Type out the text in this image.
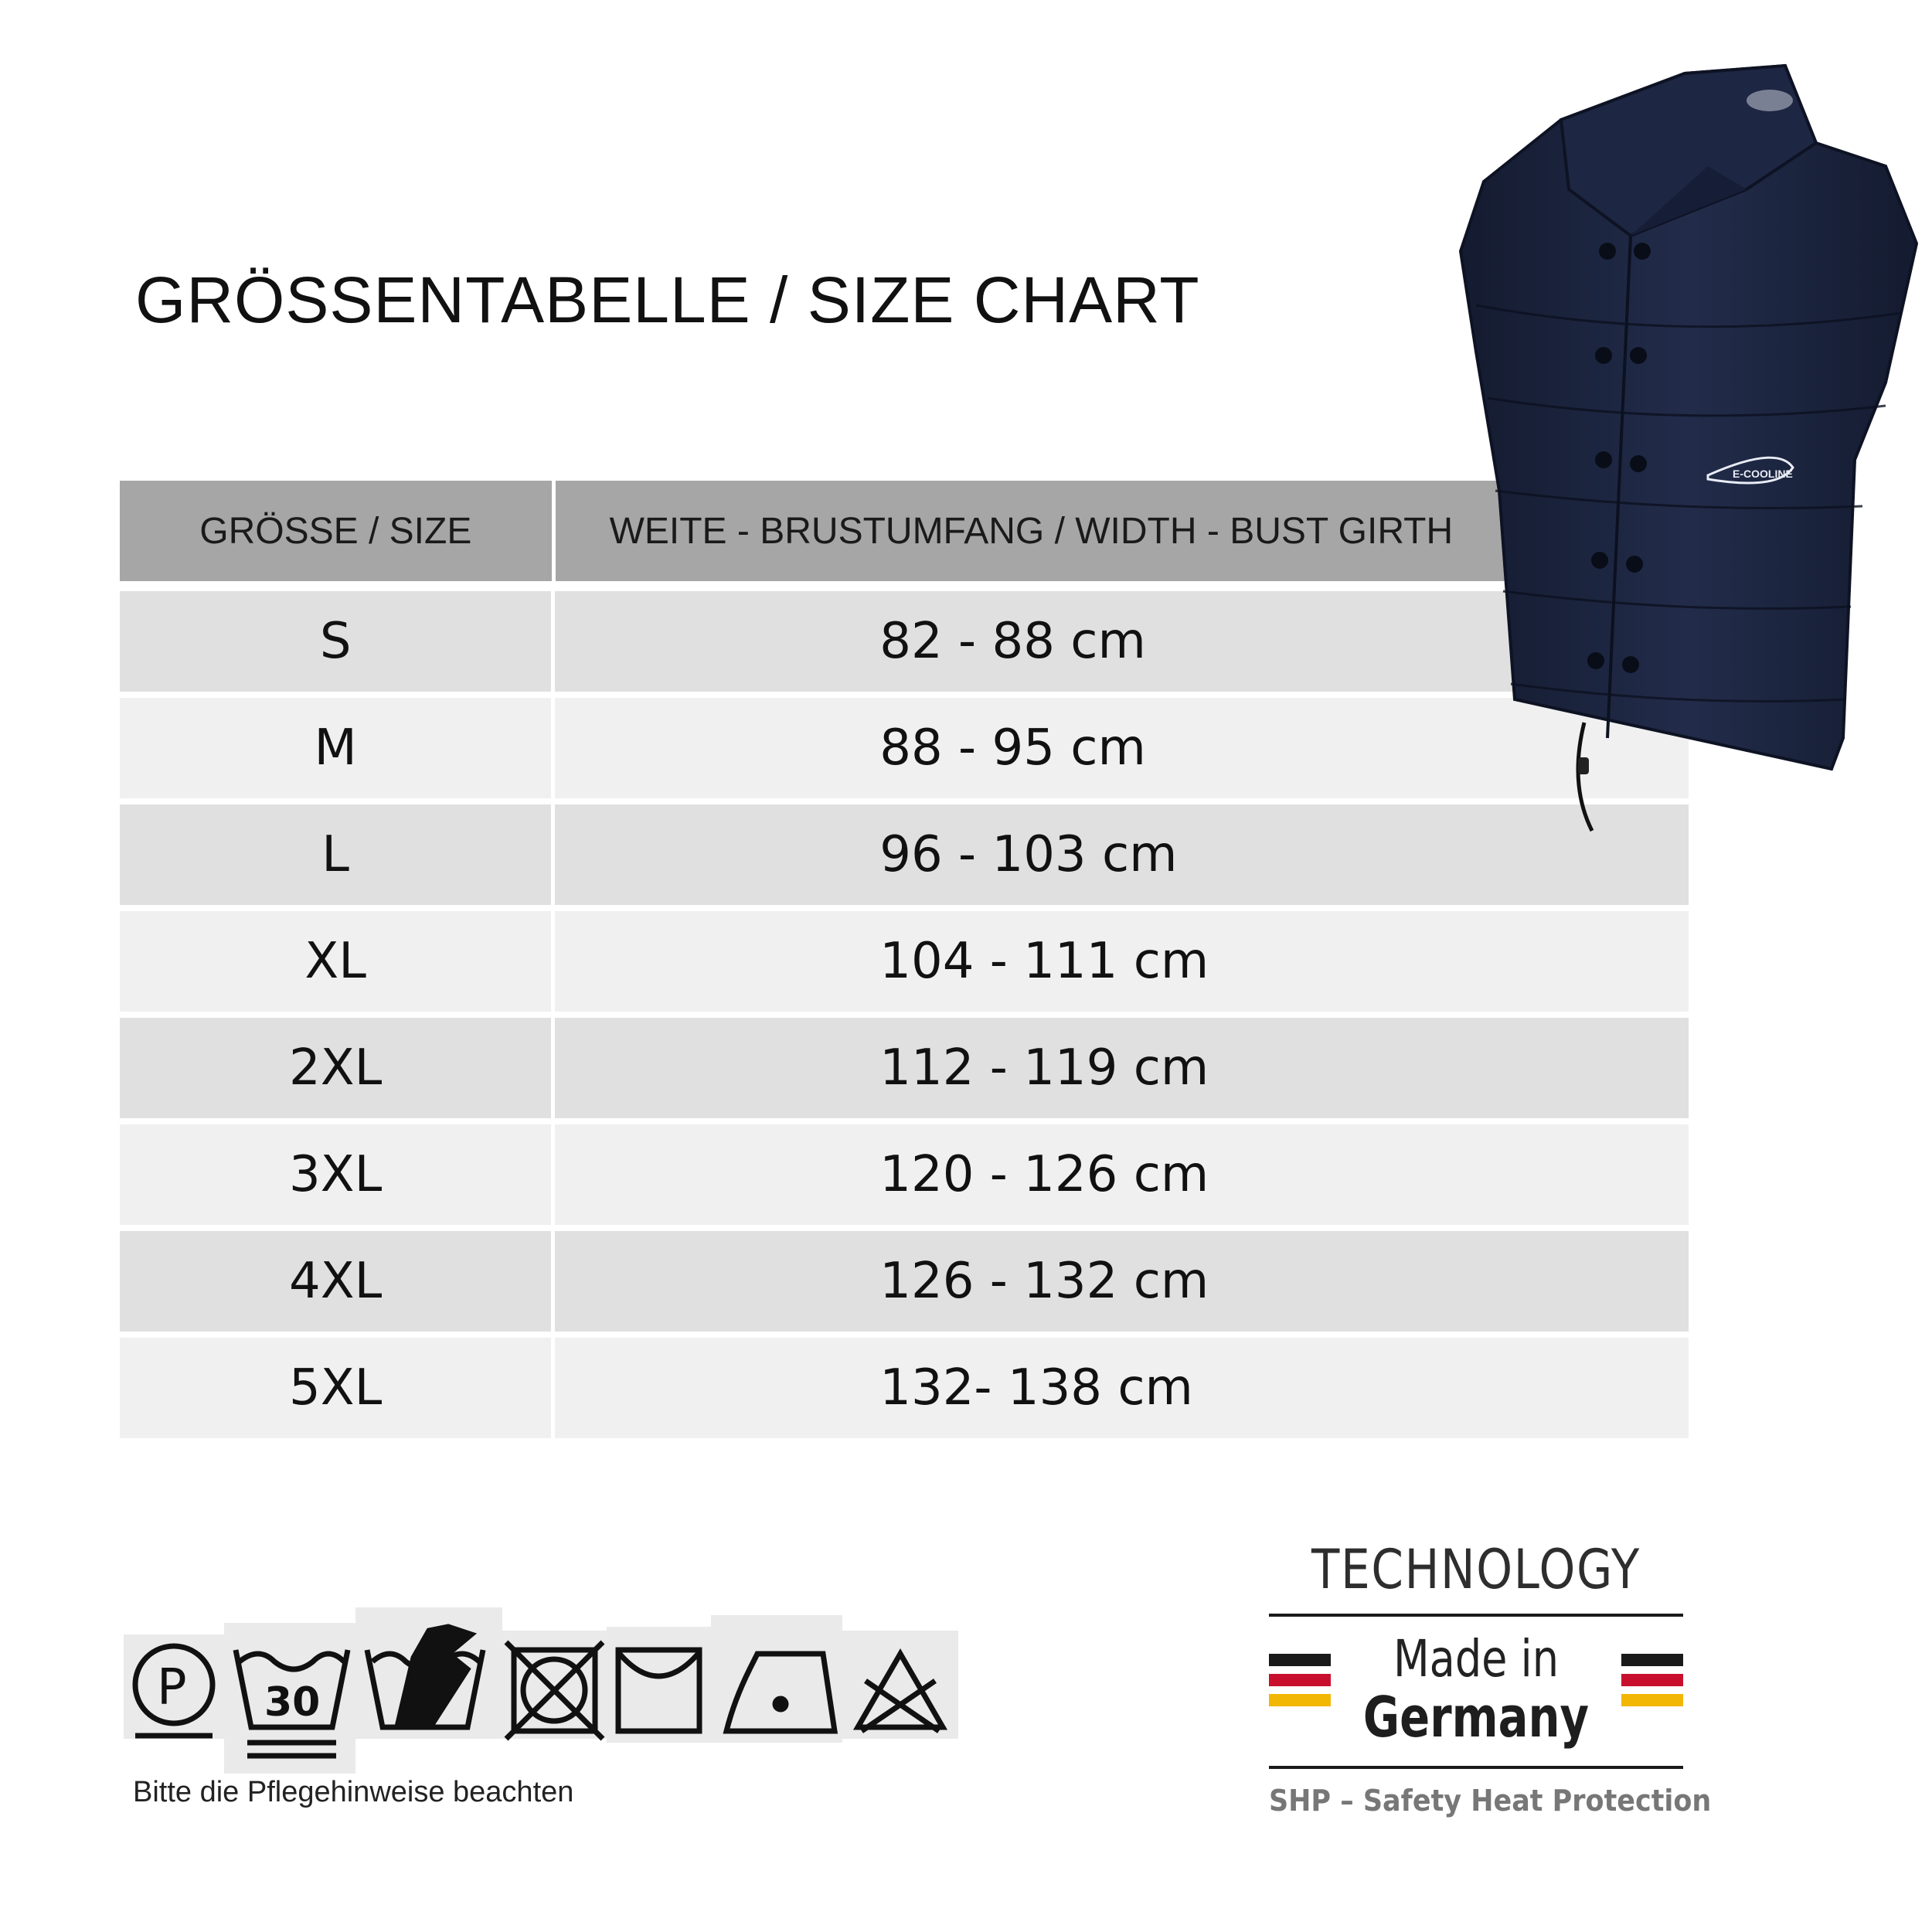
GRÖSSENTABELLE / SIZE CHART
GRÖSSE / SIZE	WEITE - BRUSTUMFANG / WIDTH - BUST GIRTH
S	82 - 88 cm
M	88 - 95 cm
L	96 - 103 cm
XL	104 - 111 cm
2XL	112 - 119 cm
3XL	120 - 126 cm
4XL	126 - 132 cm
5XL	132- 138 cm
E-COOLINE
P 30
Bitte die Pflegehinweise beachten
TECHNOLOGY
Made in
Germany
SHP – Safety Heat Protection
